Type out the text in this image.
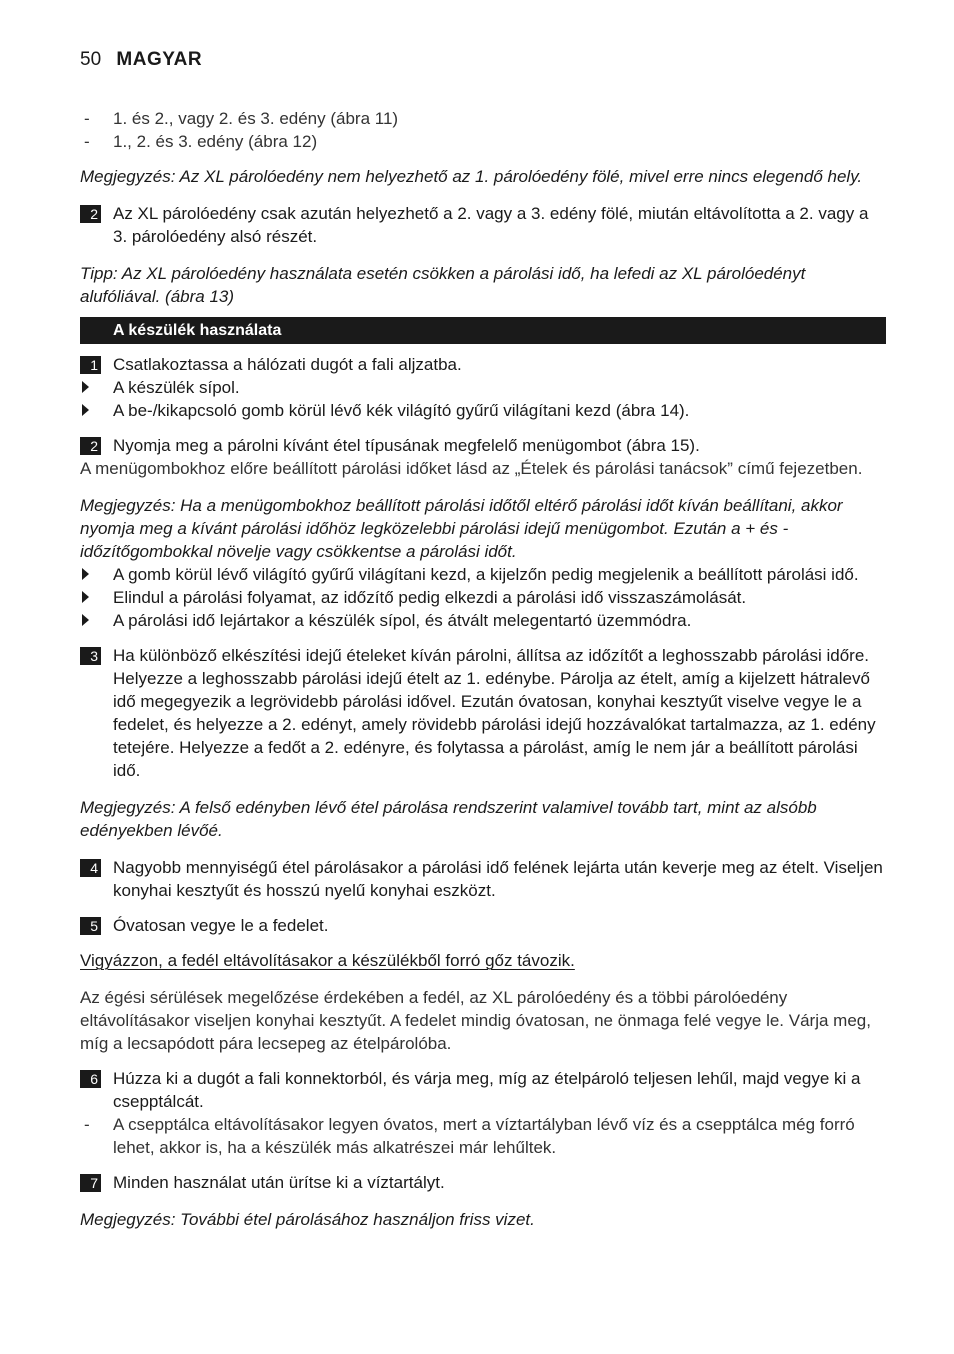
50 MAGYAR
-	1. és 2., vagy 2. és 3. edény (ábra 11)
-	1., 2. és 3. edény (ábra 12)
Megjegyzés: Az XL párolóedény nem helyezhető az 1. párolóedény fölé, mivel erre nincs elegendő hely.
2 Az XL párolóedény csak azután helyezhető a 2. vagy a 3. edény fölé, miután eltávolította a 2. vagy a 3. párolóedény alsó részét.
Tipp: Az XL párolóedény használata esetén csökken a párolási idő, ha lefedi az XL párolóedényt alufóliával. (ábra 13)
A készülék használata
1 Csatlakoztassa a hálózati dugót a fali aljzatba.
A készülék sípol.
A be-/kikapcsoló gomb körül lévő kék világító gyűrű világítani kezd (ábra 14).
2 Nyomja meg a párolni kívánt étel típusának megfelelő menügombot (ábra 15).
A menügombokhoz előre beállított párolási időket lásd az „Ételek és párolási tanácsok” című fejezetben.
Megjegyzés: Ha a menügombokhoz beállított párolási időtől eltérő párolási időt kíván beállítani, akkor nyomja meg a kívánt párolási időhöz legközelebbi párolási idejű menügombot. Ezután a + és - időzítőgombokkal növelje vagy csökkentse a párolási időt.
A gomb körül lévő világító gyűrű világítani kezd, a kijelzőn pedig megjelenik a beállított párolási idő.
Elindul a párolási folyamat, az időzítő pedig elkezdi a párolási idő visszaszámolását.
A párolási idő lejártakor a készülék sípol, és átvált melegentartó üzemmódra.
3 Ha különböző elkészítési idejű ételeket kíván párolni, állítsa az időzítőt a leghosszabb párolási időre. Helyezze a leghosszabb párolási idejű ételt az 1. edénybe. Párolja az ételt, amíg a kijelzett hátralevő idő megegyezik a legrövidebb párolási idővel. Ezután óvatosan, konyhai kesztyűt viselve vegye le a fedelet, és helyezze a 2. edényt, amely rövidebb párolási idejű hozzávalókat tartalmazza, az 1. edény tetejére. Helyezze a fedőt a 2. edényre, és folytassa a párolást, amíg le nem jár a beállított párolási idő.
Megjegyzés: A felső edényben lévő étel párolása rendszerint valamivel tovább tart, mint az alsóbb edényekben lévőé.
4 Nagyobb mennyiségű étel párolásakor a párolási idő felének lejárta után keverje meg az ételt. Viseljen konyhai kesztyűt és hosszú nyelű konyhai eszközt.
5 Óvatosan vegye le a fedelet.
Vigyázzon, a fedél eltávolításakor a készülékből forró gőz távozik.
Az égési sérülések megelőzése érdekében a fedél, az XL párolóedény és a többi párolóedény eltávolításakor viseljen konyhai kesztyűt. A fedelet mindig óvatosan, ne önmaga felé vegye le. Várja meg, míg a lecsapódott pára lecsepeg az ételpárolóba.
6 Húzza ki a dugót a fali konnektorból, és várja meg, míg az ételpároló teljesen lehűl, majd vegye ki a csepptálcát.
-	A csepptálca eltávolításakor legyen óvatos, mert a víztartályban lévő víz és a csepptálca még forró lehet, akkor is, ha a készülék más alkatrészei már lehűltek.
7 Minden használat után ürítse ki a víztartályt.
Megjegyzés: További étel párolásához használjon friss vizet.
